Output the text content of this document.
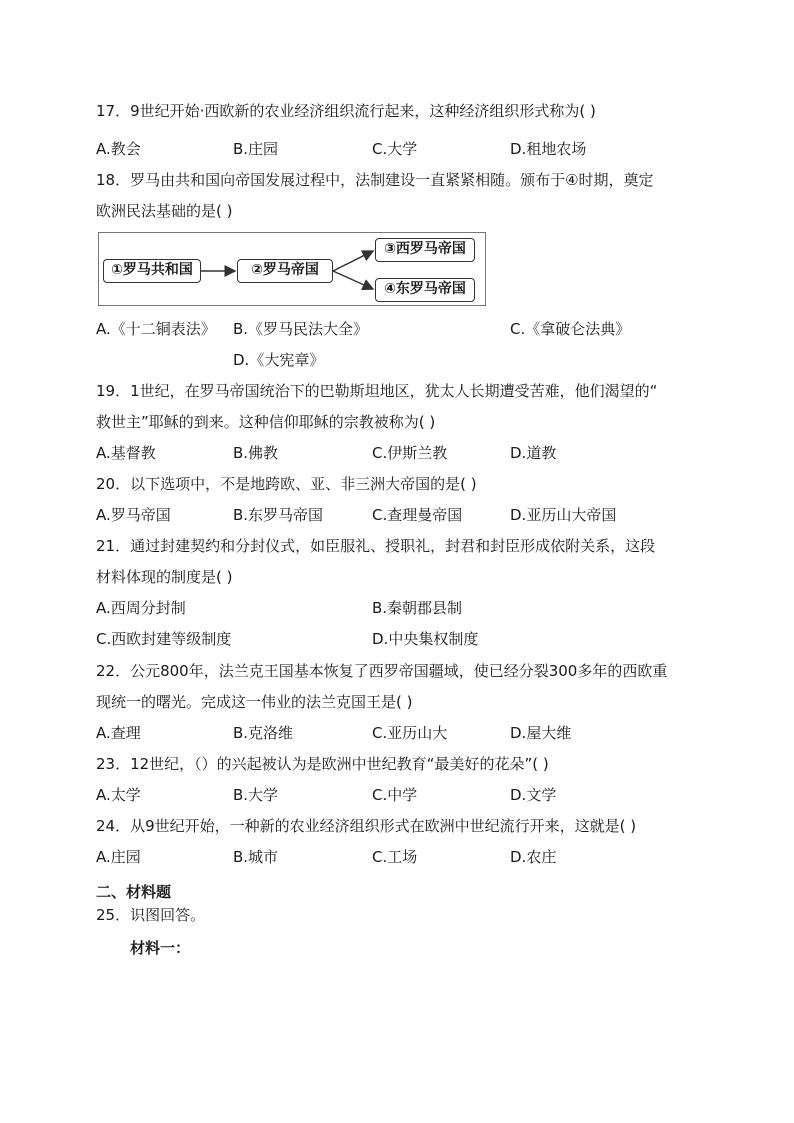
17．9世纪开始·西欧新的农业经济组织流行起来，这种经济组织形式称为( )
A.教会	B.庄园	C.大学	D.租地农场
18．罗马由共和国向帝国发展过程中，法制建设一直紧紧相随。颁布于④时期，奠定
欧洲民法基础的是( )
①罗马共和国	②罗马帝国
③西罗马帝国
④东罗马帝国
A.《十二铜表法》 B.《罗马民法大全》	C.《拿破仑法典》
D.《大宪章》
19．1世纪，在罗马帝国统治下的巴勒斯坦地区，犹太人长期遭受苦难，他们渴望的“
救世主”耶稣的到来。这种信仰耶稣的宗教被称为( )
A.基督教	B.佛教	C.伊斯兰教	D.道教
20．以下选项中，不是地跨欧、亚、非三洲大帝国的是( )
A.罗马帝国	B.东罗马帝国	C.查理曼帝国	D.亚历山大帝国
21．通过封建契约和分封仪式，如臣服礼、授职礼，封君和封臣形成依附关系，这段
材料体现的制度是( )
A.西周分封制	B.秦朝郡县制
C.西欧封建等级制度	D.中央集权制度
22．公元800年，法兰克王国基本恢复了西罗帝国疆域，使已经分裂300多年的西欧重
现统一的曙光。完成这一伟业的法兰克国王是( )
A.查理	B.克洛维	C.亚历山大	D.屋大维
23．12世纪，（）的兴起被认为是欧洲中世纪教育“最美好的花朵”( )
A.太学	B.大学	C.中学	D.文学
24．从9世纪开始，一种新的农业经济组织形式在欧洲中世纪流行开来，这就是( )
A.庄园	B.城市	C.工场	D.农庄
二、材料题
25．识图回答。
材料一：
